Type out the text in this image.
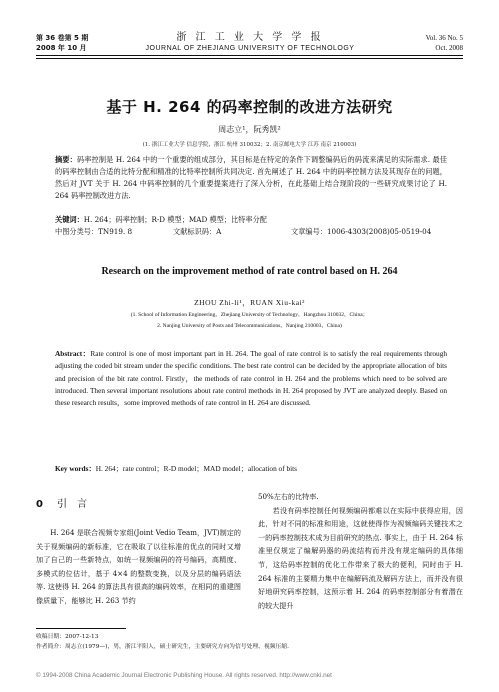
第 36 卷第 5 期
2008 年 10 月
浙 江 工 业 大 学 学 报
JOURNAL OF ZHEJIANG UNIVERSITY OF TECHNOLOGY
Vol. 36 No. 5
Oct. 2008
基于 H. 264 的码率控制的改进方法研究
周志立¹，阮秀凯²
(1. 浙江工业大学 信息学院，浙江 杭州 310032；2. 南京邮电大学 江苏 南京 210003)
摘要：码率控制是 H. 264 中的一个重要的组成部分，其目标是在特定的条件下调整编码后的码流来满足的实际需求. 最佳的码率控制由合适的比特分配和精准的比特率控制所共同决定. 首先阐述了 H. 264 中的码率控制方法及其现存在的问题，然后对 JVT 关于 H. 264 中码率控制的几个重要提案进行了深入分析，在此基础上结合现阶段的一些研究成果讨论了 H. 264 码率控制改进方法.
关键词：H. 264；码率控制；R-D 模型；MAD 模型；比特率分配
中图分类号：TN919. 8	文献标识码：A	文章编号：1006-4303(2008)05-0519-04
Research on the improvement method of rate control based on H. 264
ZHOU Zhi-li¹，RUAN Xiu-kai²
(1. School of Information Engineering，Zhejiang University of Technology，Hangzhou 310032，China；
2. Nanjing University of Posts and Telecommunications，Nanjing 210003，China)
Abstract：Rate control is one of most important part in H. 264. The goal of rate control is to satisfy the real requirements through adjusting the coded bit stream under the specific conditions. The best rate control can be decided by the appropriate allocation of bits and precision of the bit rate control. Firstly，the methods of rate control in H. 264 and the problems which need to be solved are introduced. Then several important resolutions about rate control methods in H. 264 proposed by JVT are analyzed deeply. Based on these research results，some improved methods of rate control in H. 264 are discussed.
Key words：H. 264；rate control；R-D model；MAD model；allocation of bits
0 引言
H. 264 是联合视频专家组(Joint Vedio Team，JVT)制定的关于视频编码的新标准，它在吸取了以往标准的优点的同时又增加了自己的一些新特点，如统一视频编码的符号编码，高精度、多模式的位估计，基于 4×4 的整数变换，以及分层的编码语法等. 这使得 H. 264 的算法具有很高的编码效率，在相同的重建图像质量下，能够比 H. 263 节约
50%左右的比特率.
　　若没有码率控制任何视频编码都难以在实际中获得应用，因此，针对不同的标准和用途，这就使得作为视频编码关键技术之一的码率控制技术成为目前研究的热点. 事实上，由于 H. 264 标准里仅规定了编解码器的码流结构而并没有规定编码的具体细节，这给码率控制的优化工作带来了极大的便利，同时由于 H. 264 标准的主要精力集中在编解码流及解码方法上，而并没有很好地研究码率控制，这预示着 H. 264 的码率控制部分有着潜在的较大提升
收稿日期：2007-12-13
作者简介：周志立(1979—)，男，浙江平阳人，硕士研究生，主要研究方向为信号处理、视频压缩.
© 1994-2008 China Academic Journal Electronic Publishing House. All rights reserved. http://www.cnki.net
